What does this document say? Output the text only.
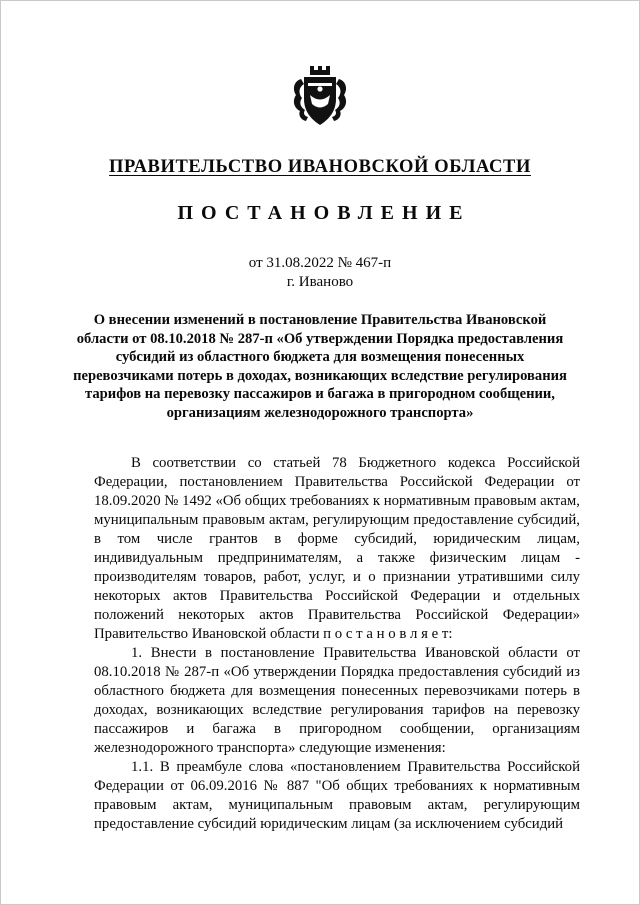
ПРАВИТЕЛЬСТВО ИВАНОВСКОЙ ОБЛАСТИ
ПОСТАНОВЛЕНИЕ
от 31.08.2022 № 467-п
г. Иваново
О внесении изменений в постановление Правительства Ивановской области от 08.10.2018 № 287-п «Об утверждении Порядка предоставления субсидий из областного бюджета для возмещения понесенных перевозчиками потерь в доходах, возникающих вследствие регулирования тарифов на перевозку пассажиров и багажа в пригородном сообщении, организациям железнодорожного транспорта»

В соответствии со статьей 78 Бюджетного кодекса Российской Федерации, постановлением Правительства Российской Федерации от 18.09.2020 № 1492 «Об общих требованиях к нормативным правовым актам, муниципальным правовым актам, регулирующим предоставление субсидий, в том числе грантов в форме субсидий, юридическим лицам, индивидуальным предпринимателям, а также физическим лицам - производителям товаров, работ, услуг, и о признании утратившими силу некоторых актов Правительства Российской Федерации и отдельных положений некоторых актов Правительства Российской Федерации» Правительство Ивановской области п о с т а н о в л я е т:

1. Внести в постановление Правительства Ивановской области от 08.10.2018 № 287-п «Об утверждении Порядка предоставления субсидий из областного бюджета для возмещения понесенных перевозчиками потерь в доходах, возникающих вследствие регулирования тарифов на перевозку пассажиров и багажа в пригородном сообщении, организациям железнодорожного транспорта» следующие изменения:

1.1. В преамбуле слова «постановлением Правительства Российской Федерации от 06.09.2016 № 887 "Об общих требованиях к нормативным правовым актам, муниципальным правовым актам, регулирующим предоставление субсидий юридическим лицам (за исключением субсидий
